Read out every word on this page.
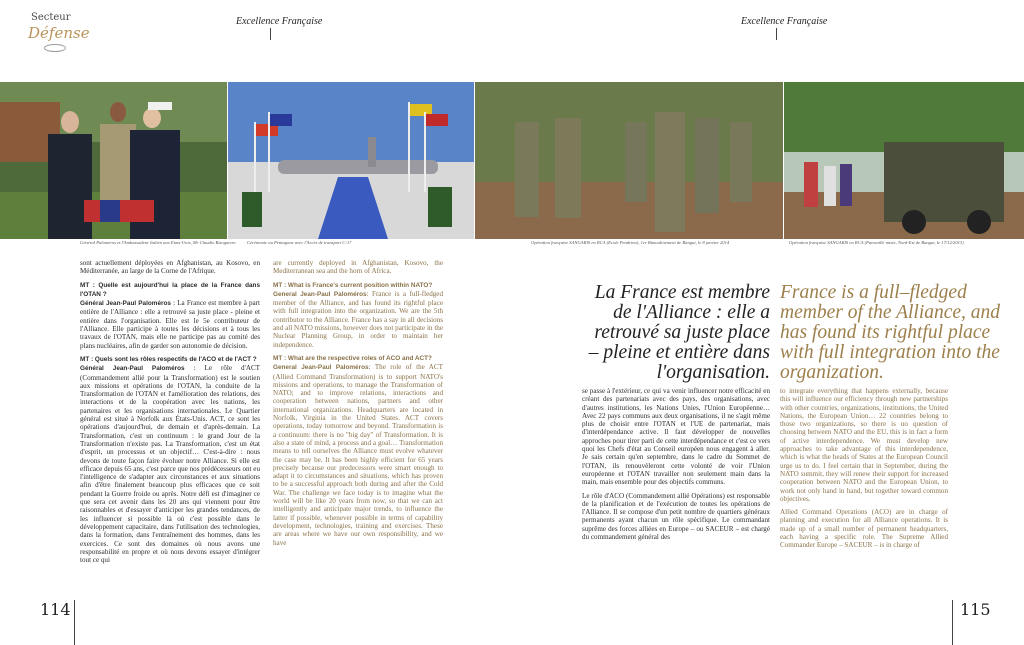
Secteur
Défense
Excellence Française	Excellence Française
Général Palomeros et l'Ambassadeur Italien aux Etats-Unis, Mr Claudio Bisogniero Cérémonie au Pentagone avec l'Accès de transport C-17	Opération française SANGARIS en RCA (Ecole Pendrino), 1er Bimoulinement de Bangui, le 8 janvier 2014	Opération française SANGARIS en RCA (Patrouille mixte, Nord-Est de Bangui, le 17/12/2013)

sont actuellement déployées en Afghanistan, au Kosovo, en Méditerranée, au large de la Corne de l'Afrique.

MT : Quelle est aujourd'hui la place de la France dans l'OTAN ?
Général Jean-Paul Paloméros : La France est membre à part entière de l'Alliance : elle a retrouvé sa juste place - pleine et entière dans l'organisation. Elle est le 5e contributeur de l'Alliance. Elle participe à toutes les décisions et à tous les travaux de l'OTAN, mais elle ne participe pas au comité des plans nucléaires, afin de garder son autonomie de décision.

MT : Quels sont les rôles respectifs de l'ACO et de l'ACT ?
Général Jean-Paul Paloméros : Le rôle d'ACT (Commandement allié pour la Transformation) est le soutien aux missions et opérations de l'OTAN, la conduite de la Transformation de l'OTAN et l'amélioration des relations, des interactions et de la coopération avec les nations, les partenaires et les organisations internationales. Le Quartier général est situé à Norfolk aux États-Unis. ACT, ce sont les opérations d'aujourd'hui, de demain et d'après-demain. La Transformation, c'est un continuum : le grand Jour de la Transformation n'existe pas. La Transformation, c'est un état d'esprit, un processus et un objectif… C'est-à-dire : nous devons de toute façon faire évoluer notre Alliance. Si elle est efficace depuis 65 ans, c'est parce que nos prédécesseurs ont eu l'intelligence de s'adapter aux circonstances et aux situations afin d'être finalement beaucoup plus efficaces que ce soit pendant la Guerre froide ou après. Notre défi est d'imaginer ce que sera cet avenir dans les 20 ans qui viennent pour être raisonnables et d'essayer d'anticiper les grandes tendances, de les influencer si possible là où c'est possible dans le développement capacitaire, dans l'utilisation des technologies, dans la formation, dans l'entraînement des hommes, dans les exercices. Ce sont des domaines où nous avons une responsabilité en propre et où nous devons essayer d'intégrer tout ce qui

are currently deployed in Afghanistan, Kosovo, the Mediterranean sea and the horn of Africa.

MT : What is France's current position within NATO?
General Jean-Paul Paloméros: France is a full-fledged member of the Alliance, and has found its rightful place with full integration into the organization. We are the 5th contributor to the Alliance. France has a say in all decisions and all NATO missions, however does not participate in the Nuclear Planning Group, in order to maintain her independence.

MT : What are the respective roles of ACO and ACT?
General Jean-Paul Paloméros: The role of the ACT (Allied Command Transformation) is to support NATO's missions and operations, to manage the Transformation of NATO; and to improve relations, interactions and cooperation between nations, partners and other international organizations. Headquarters are located in Norfolk, Virginia in the United States. ACT covers operations, today tomorrow and beyond. Transformation is a continuum: there is no "big day" of Transformation. It is also a state of mind, a process and a goal… Transformation means to tell ourselves the Alliance must evolve whatever the case may be. It has been highly efficient for 65 years precisely because our predecessors were smart enough to adapt it to circumstances and situations, which has proven to be a successful approach both during and after the Cold War. The challenge we face today is to imagine what the world will be like 20 years from now, so that we can act intelligently and anticipate major trends, to influence the latter if possible, whenever possible in terms of capability development, technologies, training and exercises. These are areas where we have our own responsibility, and we have

La France est membre de l'Alliance : elle a retrouvé sa juste place – pleine et entière dans l'organisation.
France is a full–fledged member of the Alliance, and has found its rightful place with full integration into the organization.

se passe à l'extérieur, ce qui va venir influencer notre efficacité en créant des partenariats avec des pays, des organisations, avec d'autres institutions, les Nations Unies, l'Union Européenne… Avec 22 pays communs aux deux organisations, il ne s'agit même plus de choisir entre l'OTAN et l'UE de partenariat, mais d'interdépendance active. Il faut développer de nouvelles approches pour tirer parti de cette interdépendance et c'est ce vers quoi les Chefs d'état au Conseil européen nous engagent à aller. Je sais certain qu'en septembre, dans le cadre du Sommet de l'OTAN, ils renouvèleront cette volonté de voir l'Union européenne et l'OTAN travailler non seulement main dans la main, mais ensemble pour des objectifs communs.

Le rôle d'ACO (Commandement allié Opérations) est responsable de la planification et de l'exécution de toutes les opérations de l'Alliance. Il se compose d'un petit nombre de quartiers généraux permanents ayant chacun un rôle spécifique. Le commandant suprême des forces alliées en Europe – ou SACEUR – est chargé du commandement général des

to integrate everything that happens externally, because this will influence our efficiency through new partnerships with other countries, organizations, institutions, the United Nations, the European Union… 22 countries belong to those two organizations, so there is no question of choosing between NATO and the EU, this is in fact a form of active interdependence. We must develop new approaches to take advantage of this interdependence, which is what the heads of States at the European Council urge us to do. I feel certain that in September, during the NATO summit, they will renew their support for increased cooperation between NATO and the European Union, to work not only hand in hand, but together toward common objectives.

Allied Command Operations (ACO) are in charge of planning and execution for all Alliance operations. It is made up of a small number of permanent headquarters, each having a specific role. The Supreme Allied Commander Europe – SACEUR – is in charge of

114	115
